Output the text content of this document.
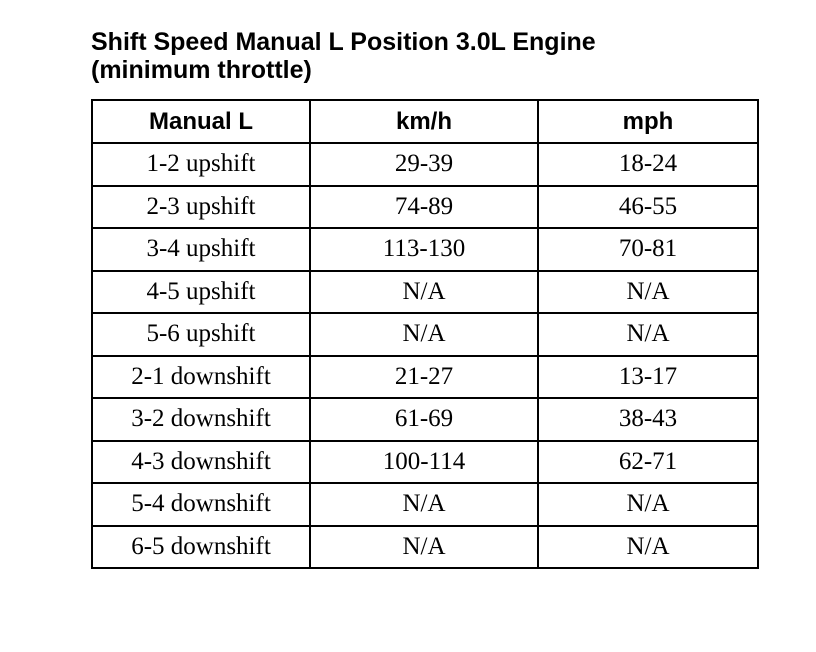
Shift Speed Manual L Position 3.0L Engine
(minimum throttle)
Manual L	km/h	mph
1-2 upshift	29-39	18-24
2-3 upshift	74-89	46-55
3-4 upshift	113-130	70-81
4-5 upshift	N/A	N/A
5-6 upshift	N/A	N/A
2-1 downshift	21-27	13-17
3-2 downshift	61-69	38-43
4-3 downshift	100-114	62-71
5-4 downshift	N/A	N/A
6-5 downshift	N/A	N/A
